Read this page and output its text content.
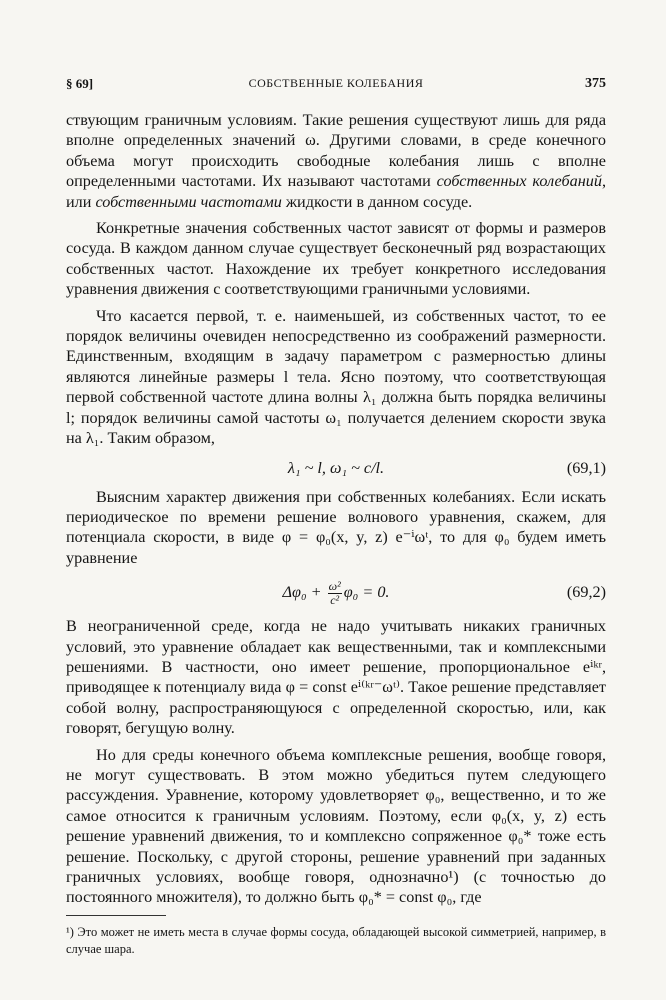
§ 69]	СОБСТВЕННЫЕ КОЛЕБАНИЯ	375

ствующим граничным условиям. Такие решения существуют лишь для ряда вполне определенных значений ω. Другими словами, в среде конечного объема могут происходить свободные колебания лишь с вполне определенными частотами. Их называют частотами собственных колебаний, или собственными частотами жидкости в данном сосуде.

Конкретные значения собственных частот зависят от формы и размеров сосуда. В каждом данном случае существует бесконечный ряд возрастающих собственных частот. Нахождение их требует конкретного исследования уравнения движения с соответствующими граничными условиями.

Что касается первой, т. е. наименьшей, из собственных частот, то ее порядок величины очевиден непосредственно из соображений размерности. Единственным, входящим в задачу параметром с размерностью длины являются линейные размеры l тела. Ясно поэтому, что соответствующая первой собственной частоте длина волны λ₁ должна быть порядка величины l; порядок величины самой частоты ω₁ получается делением скорости звука на λ₁. Таким образом,

λ₁ ~ l, ω₁ ~ c/l.	(69,1)

Выясним характер движения при собственных колебаниях. Если искать периодическое по времени решение волнового уравнения, скажем, для потенциала скорости, в виде φ = φ₀(x, y, z) e⁻ⁱωᵗ, то для φ₀ будем иметь уравнение

$\Delta\varphi_0 + \frac{\text{ω²}}{\text{c²}} \varphi_0 = 0$.	(69,2)

В неограниченной среде, когда не надо учитывать никаких граничных условий, это уравнение обладает как вещественными, так и комплексными решениями. В частности, оно имеет решение, пропорциональное eⁱᵏʳ, приводящее к потенциалу вида φ = const eⁱ⁽ᵏʳ⁻ωᵗ⁾. Такое решение представляет собой волну, распространяющуюся с определенной скоростью, или, как говорят, бегущую волну.

Но для среды конечного объема комплексные решения, вообще говоря, не могут существовать. В этом можно убедиться путем следующего рассуждения. Уравнение, которому удовлетворяет φ₀, вещественно, и то же самое относится к граничным условиям. Поэтому, если φ₀(x, y, z) есть решение уравнений движения, то и комплексно сопряженное φ₀* тоже есть решение. Поскольку, с другой стороны, решение уравнений при заданных граничных условиях, вообще говоря, однозначно¹) (с точностью до постоянного множителя), то должно быть φ₀* = const φ₀, где

¹) Это может не иметь места в случае формы сосуда, обладающей высокой симметрией, например, в случае шара.
